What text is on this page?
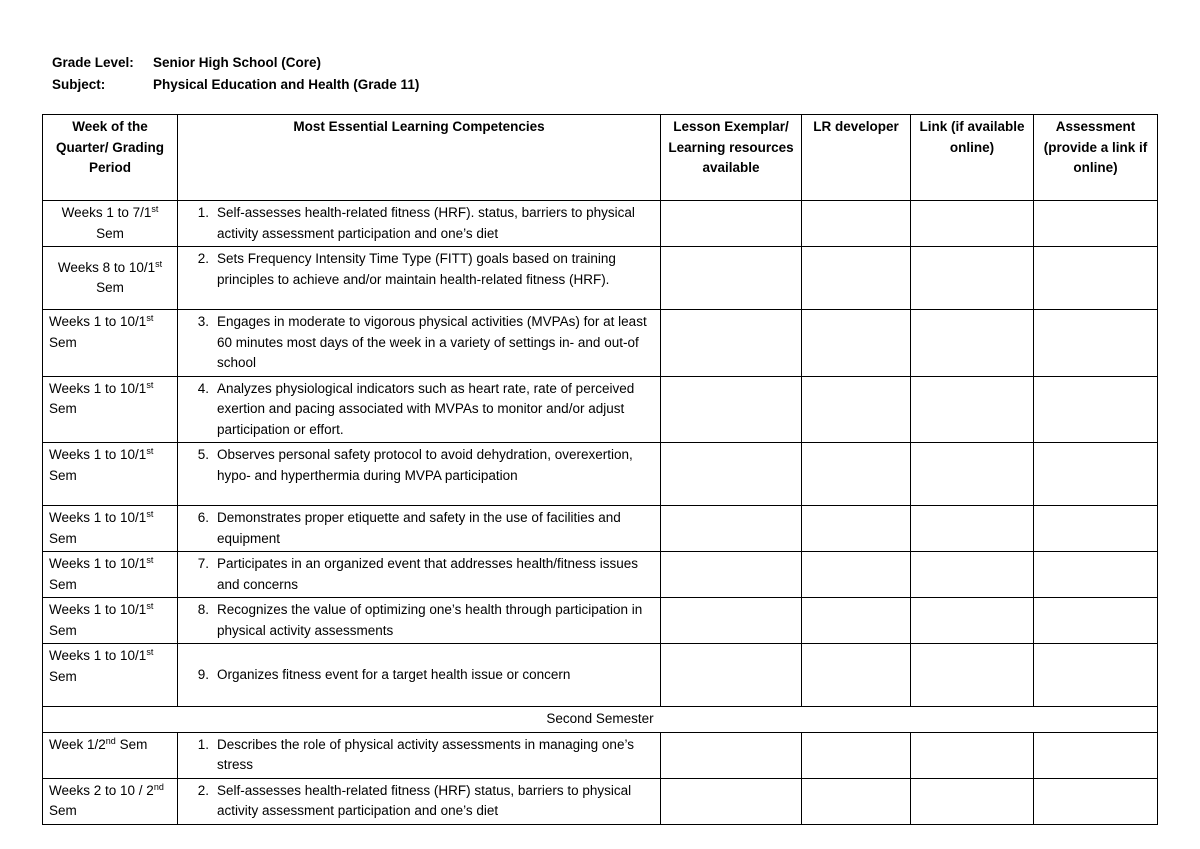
Grade Level:	Senior High School (Core)
Subject:	Physical Education and Health (Grade 11)
Week of the Quarter/ Grading Period	Most Essential Learning Competencies	Lesson Exemplar/ Learning resources available	LR developer	Link (if available online)	Assessment (provide a link if online)
Weeks 1 to 7/1st Sem	1. Self-assesses health-related fitness (HRF). status, barriers to physical activity assessment participation and one’s diet				

Weeks 8 to 10/1st Sem	2. Sets Frequency Intensity Time Type (FITT) goals based on training principles to achieve and/or maintain health-related fitness (HRF).				

Weeks 1 to 10/1st Sem	3. Engages in moderate to vigorous physical activities (MVPAs) for at least 60 minutes most days of the week in a variety of settings in- and out-of school				

Weeks 1 to 10/1st Sem	4. Analyzes physiological indicators such as heart rate, rate of perceived exertion and pacing associated with MVPAs to monitor and/or adjust participation or effort.				

Weeks 1 to 10/1st Sem	5. Observes personal safety protocol to avoid dehydration, overexertion, hypo- and hyperthermia during MVPA participation				

Weeks 1 to 10/1st Sem	6. Demonstrates proper etiquette and safety in the use of facilities and equipment				

Weeks 1 to 10/1st Sem	7. Participates in an organized event that addresses health/fitness issues and concerns				

Weeks 1 to 10/1st Sem	8. Recognizes the value of optimizing one’s health through participation in physical activity assessments				

Weeks 1 to 10/1st Sem	9. Organizes fitness event for a target health issue or concern				

Second Semester					
Week 1/2nd Sem	1. Describes the role of physical activity assessments in managing one’s stress				

Weeks 2 to 10 / 2nd Sem	2. Self-assesses health-related fitness (HRF) status, barriers to physical activity assessment participation and one’s diet				
